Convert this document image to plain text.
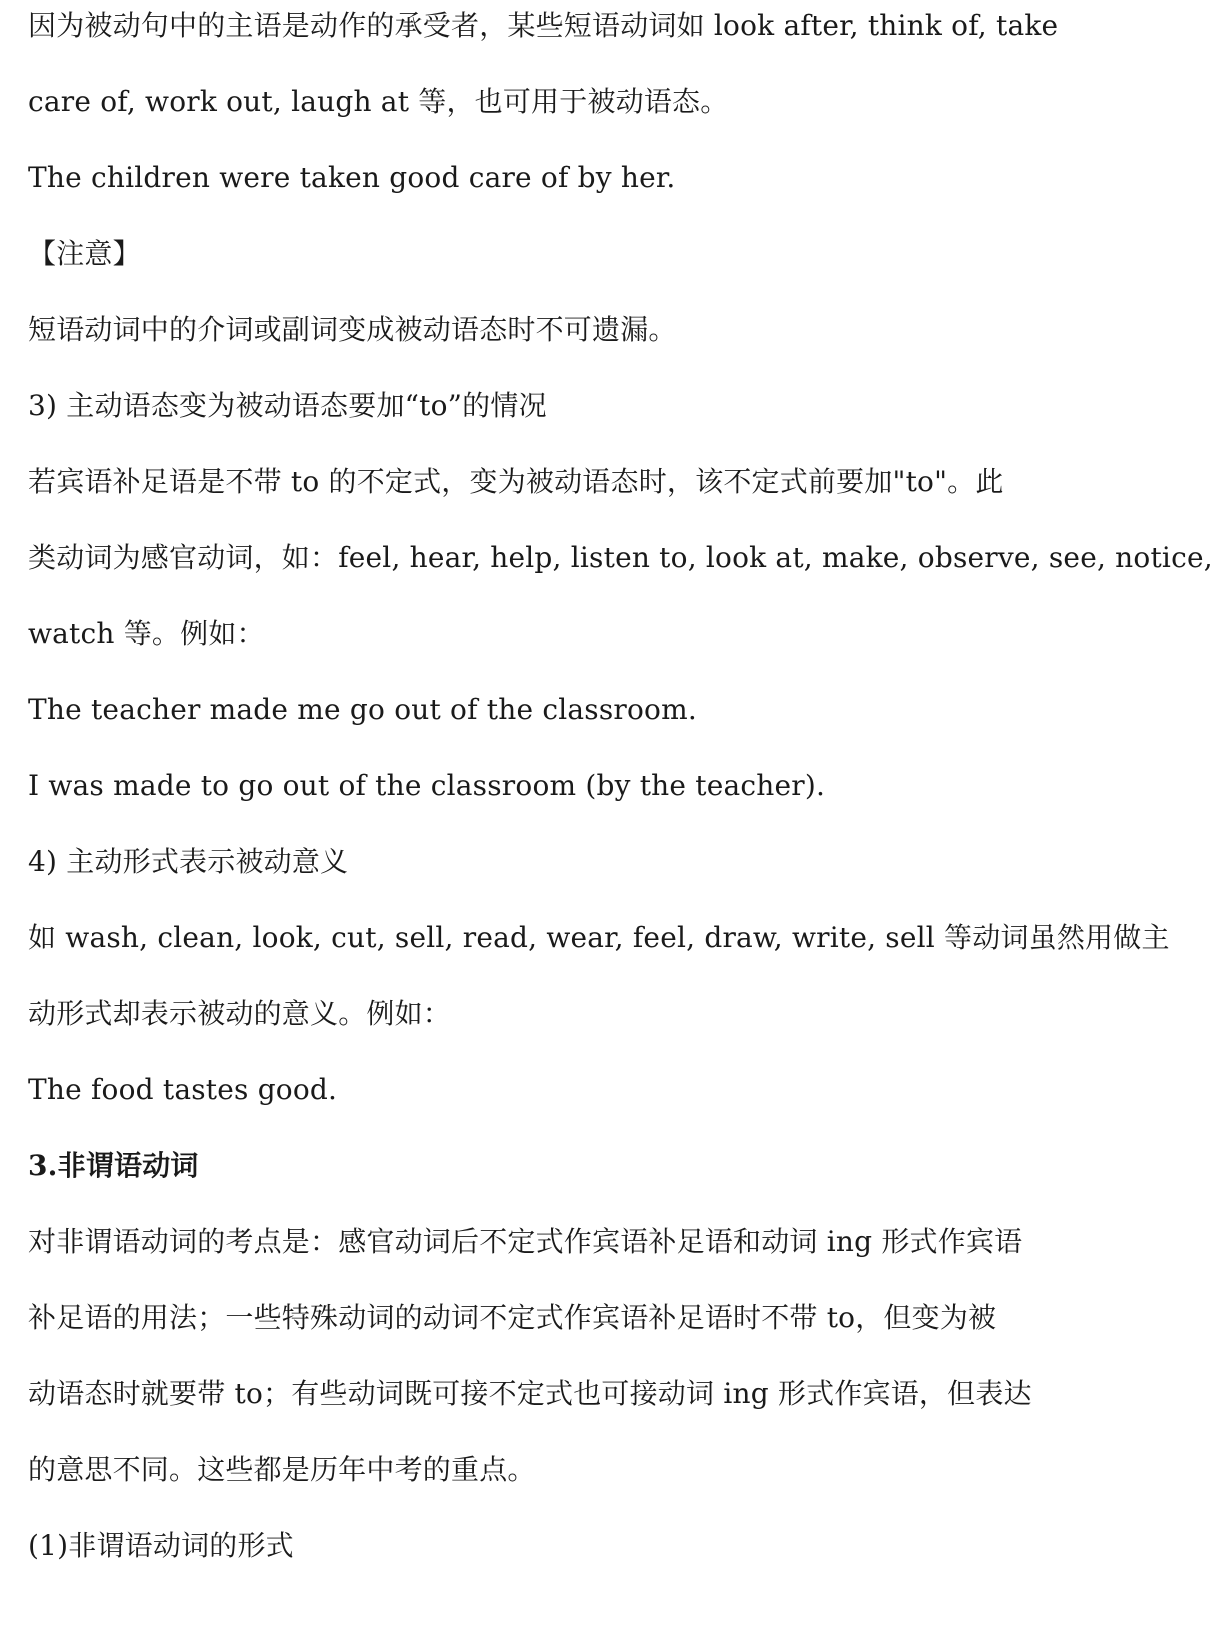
因为被动句中的主语是动作的承受者，某些短语动词如 look after, think of, take
care of, work out, laugh at 等，也可用于被动语态。
The children were taken good care of by her.
【注意】
短语动词中的介词或副词变成被动语态时不可遗漏。
3) 主动语态变为被动语态要加“to”的情况
若宾语补足语是不带 to 的不定式，变为被动语态时，该不定式前要加"to"。此
类动词为感官动词，如：feel, hear, help, listen to, look at, make, observe, see, notice,
watch 等。例如：
The teacher made me go out of the classroom.
I was made to go out of the classroom (by the teacher).
4) 主动形式表示被动意义
如 wash, clean, look, cut, sell, read, wear, feel, draw, write, sell 等动词虽然用做主
动形式却表示被动的意义。例如：
The food tastes good.
3.非谓语动词
对非谓语动词的考点是：感官动词后不定式作宾语补足语和动词 ing 形式作宾语
补足语的用法；一些特殊动词的动词不定式作宾语补足语时不带 to，但变为被
动语态时就要带 to；有些动词既可接不定式也可接动词 ing 形式作宾语，但表达
的意思不同。这些都是历年中考的重点。
(1)非谓语动词的形式
